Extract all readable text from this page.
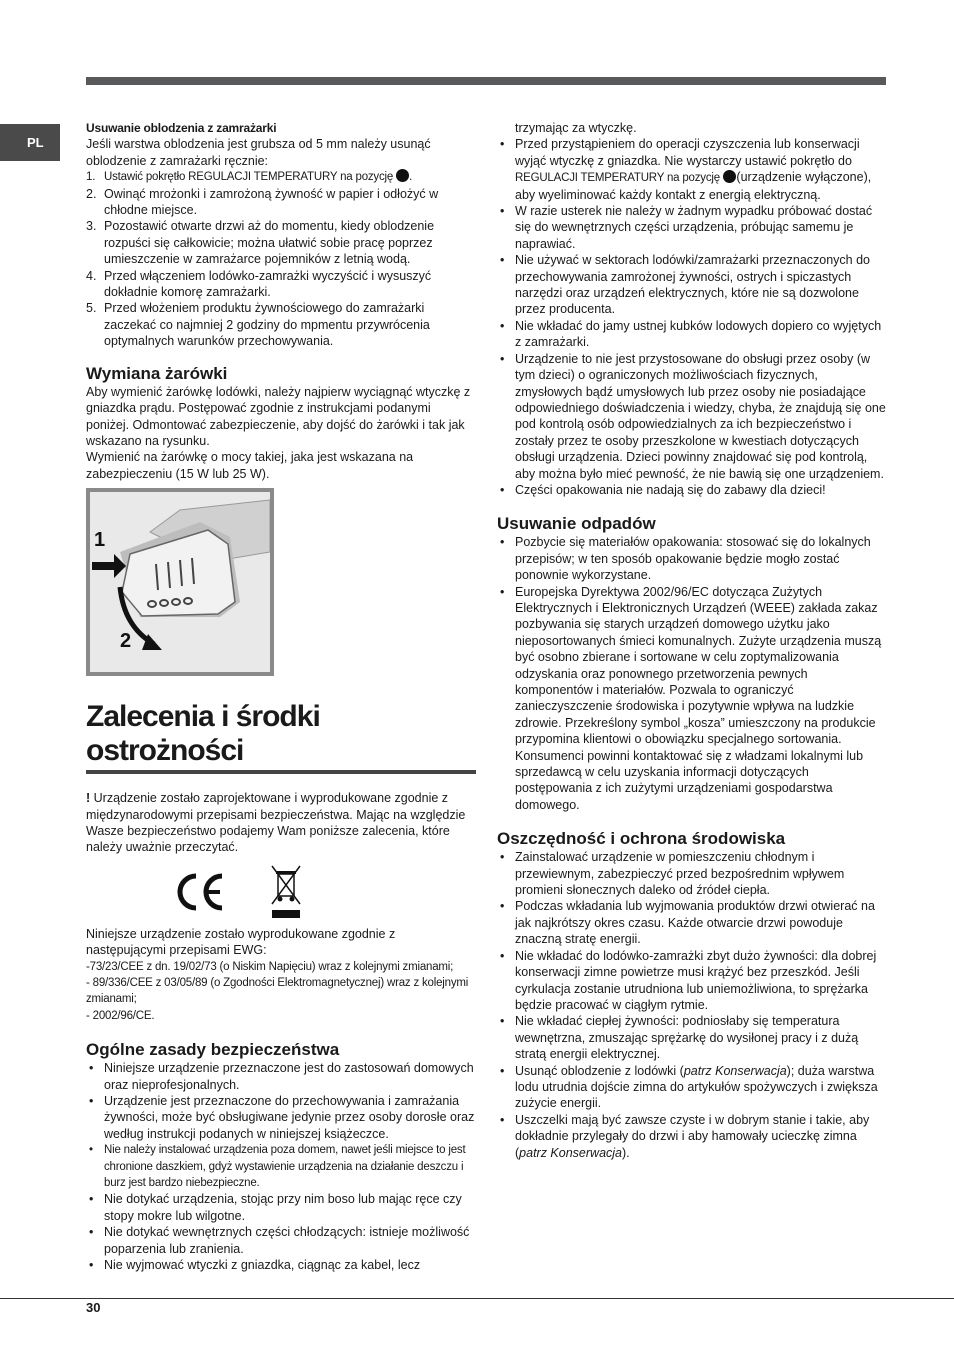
PL

Usuwanie oblodzenia z zamrażarki

Jeśli warstwa oblodzenia jest grubsza od 5 mm należy usunąć oblodzenie z zamrażarki ręcznie:

1. Ustawić pokrętło REGULACJI TEMPERATURY na pozycję .
2. Owinąć mrożonki i zamrożoną żywność w papier i odłożyć w chłodne miejsce.
3. Pozostawić otwarte drzwi aż do momentu, kiedy oblodzenie rozpuści się całkowicie; można ułatwić sobie pracę poprzez umieszczenie w zamrażarce pojemników z letnią wodą.
4. Przed włączeniem lodówko-zamrażki wyczyścić i wysuszyć dokładnie komorę zamrażarki.
5. Przed włożeniem produktu żywnościowego do zamrażarki zaczekać co najmniej 2 godziny do mpmentu przywrócenia optymalnych warunków przechowywania.
Wymiana żarówki

Aby wymienić żarówkę lodówki, należy najpierw wyciągnąć wtyczkę z gniazdka prądu. Postępować zgodnie z instrukcjami podanymi poniżej. Odmontować zabezpieczenie, aby dojść do żarówki i tak jak wskazano na rysunku.

Wymienić na żarówkę o mocy takiej, jaka jest wskazana na zabezpieczeniu (15 W lub 25 W).

1
2
Zalecenia i środki ostrożności

! Urządzenie zostało zaprojektowane i wyprodukowane zgodnie z międzynarodowymi przepisami bezpieczeństwa. Mając na względzie Wasze bezpieczeństwo podajemy Wam poniższe zalecenia, które należy uważnie przeczytać.

Niniejsze urządzenie zostało wyprodukowane zgodnie z następującymi przepisami EWG:

-73/23/CEE z dn. 19/02/73 (o Niskim Napięciu) wraz z kolejnymi zmianami;

- 89/336/CEE z 03/05/89 (o Zgodności Elektromagnetycznej) wraz z kolejnymi zmianami;

- 2002/96/CE.

Ogólne zasady bezpieczeństwa
• Niniejsze urządzenie przeznaczone jest do zastosowań domowych oraz nieprofesjonalnych.
• Urządzenie jest przeznaczone do przechowywania i zamrażania żywności, może być obsługiwane jedynie przez osoby dorosłe oraz według instrukcji podanych w niniejszej książeczce.
• Nie należy instalować urządzenia poza domem, nawet jeśli miejsce to jest chronione daszkiem, gdyż wystawienie urządzenia na działanie deszczu i burz jest bardzo niebezpieczne.
• Nie dotykać urządzenia, stojąc przy nim boso lub mając ręce czy stopy mokre lub wilgotne.
• Nie dotykać wewnętrznych części chłodzących: istnieje możliwość poparzenia lub zranienia.
• Nie wyjmować wtyczki z gniazdka, ciągnąc za kabel, lecz

trzymając za wtyczkę.

• Przed przystąpieniem do operacji czyszczenia lub konserwacji wyjąć wtyczkę z gniazdka. Nie wystarczy ustawić pokrętło do
REGULACJI TEMPERATURY na pozycję (urządzenie wyłączone), aby wyeliminować każdy kontakt z energią elektryczną.
• W razie usterek nie należy w żadnym wypadku próbować dostać się do wewnętrznych części urządzenia, próbując samemu je naprawiać.
• Nie używać w sektorach lodówki/zamrażarki przeznaczonych do przechowywania zamrożonej żywności, ostrych i spiczastych narzędzi oraz urządzeń elektrycznych, które nie są dozwolone przez producenta.
• Nie wkładać do jamy ustnej kubków lodowych dopiero co wyjętych z zamrażarki.
• Urządzenie to nie jest przystosowane do obsługi przez osoby (w tym dzieci) o ograniczonych możliwościach fizycznych, zmysłowych bądź umysłowych lub przez osoby nie posiadające odpowiedniego doświadczenia i wiedzy, chyba, że znajdują się one pod kontrolą osób odpowiedzialnych za ich bezpieczeństwo i zostały przez te osoby przeszkolone w kwestiach dotyczących obsługi urządzenia. Dzieci powinny znajdować się pod kontrolą, aby można było mieć pewność, że nie bawią się one urządzeniem.
• Części opakowania nie nadają się do zabawy dla dzieci!
Usuwanie odpadów
• Pozbycie się materiałów opakowania: stosować się do lokalnych przepisów; w ten sposób opakowanie będzie mogło zostać ponownie wykorzystane.
• Europejska Dyrektywa 2002/96/EC dotycząca Zużytych Elektrycznych i Elektronicznych Urządzeń (WEEE) zakłada zakaz pozbywania się starych urządzeń domowego użytku jako nieposortowanych śmieci komunalnych. Zużyte urządzenia muszą być osobno zbierane i sortowane w celu zoptymalizowania odzyskania oraz ponownego przetworzenia pewnych komponentów i materiałów. Pozwala to ograniczyć zanieczyszczenie środowiska i pozytywnie wpływa na ludzkie zdrowie. Przekreślony symbol „kosza” umieszczony na produkcie przypomina klientowi o obowiązku specjalnego sortowania. Konsumenci powinni kontaktować się z władzami lokalnymi lub sprzedawcą w celu uzyskania informacji dotyczących postępowania z ich zużytymi urządzeniami gospodarstwa domowego.
Oszczędność i ochrona środowiska
• Zainstalować urządzenie w pomieszczeniu chłodnym i przewiewnym, zabezpieczyć przed bezpośrednim wpływem promieni słonecznych daleko od źródeł ciepła.
• Podczas wkładania lub wyjmowania produktów drzwi otwierać na jak najkrótszy okres czasu. Każde otwarcie drzwi powoduje znaczną stratę energii.
• Nie wkładać do lodówko-zamrażki zbyt dużo żywności: dla dobrej konserwacji zimne powietrze musi krążyć bez przeszkód. Jeśli cyrkulacja zostanie utrudniona lub uniemożliwiona, to sprężarka będzie pracować w ciągłym rytmie.
• Nie wkładać ciepłej żywności: podniosłaby się temperatura wewnętrzna, zmuszając sprężarkę do wysiłonej pracy i z dużą stratą energii elektrycznej.
• Usunąć oblodzenie z lodówki (patrz Konserwacja); duża warstwa lodu utrudnia dojście zimna do artykułów spożywczych i zwiększa zużycie energii.
• Uszczelki mają być zawsze czyste i w dobrym stanie i takie, aby dokładnie przylegały do drzwi i aby hamowały ucieczkę zimna (patrz Konserwacja).
30
